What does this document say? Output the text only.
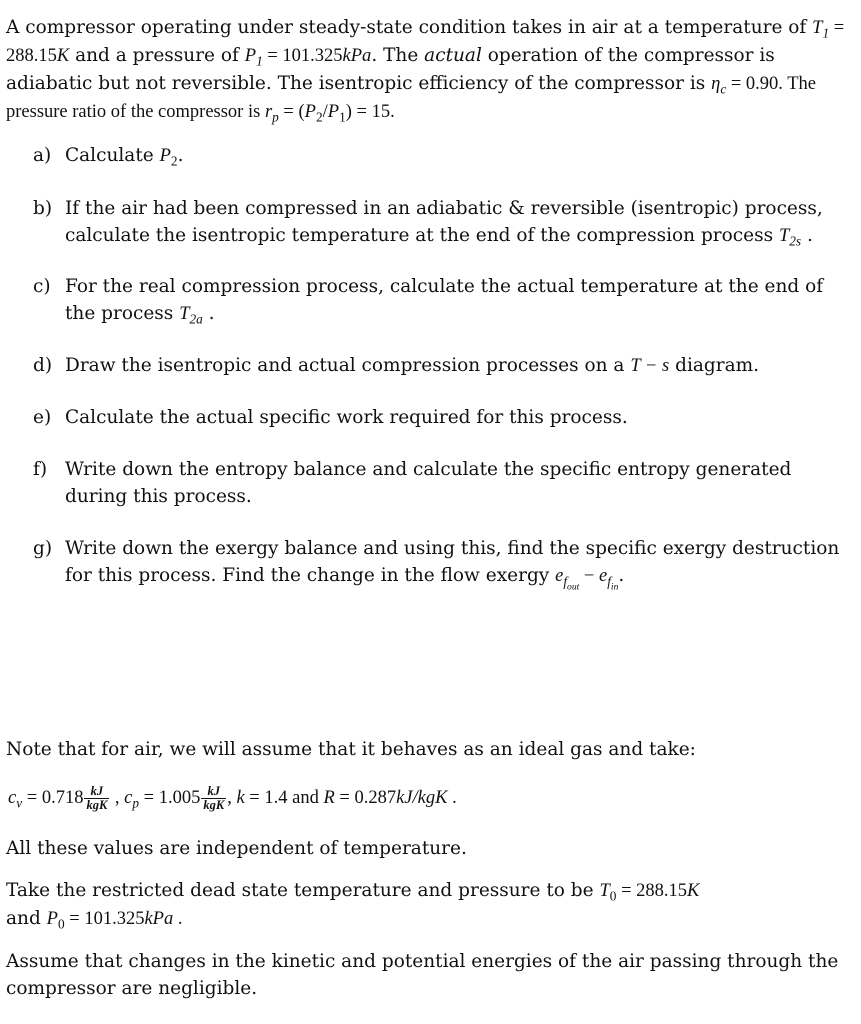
A compressor operating under steady-state condition takes in air at a temperature of $T_1 = 288.15K$ and a pressure of $P_1 = 101.325kPa$. The actual operation of the compressor is adiabatic but not reversible. The isentropic efficiency of the compressor is $\eta_c = 0.90$. The pressure ratio of the compressor is $r_p = (P_2/P_1) = 15$.

a) Calculate $P_2$.

b) If the air had been compressed in an adiabatic & reversible (isentropic) process, calculate the isentropic temperature at the end of the compression process $T_{2s}$ .

c) For the real compression process, calculate the actual temperature at the end of the process $T_{2a}$ .

d) Draw the isentropic and actual compression processes on a T − s diagram.

e) Calculate the actual specific work required for this process.

f) Write down the entropy balance and calculate the specific entropy generated during this process.

g) Write down the exergy balance and using this, find the specific exergy destruction for this process. Find the change in the flow exergy $e_{f_{out}} - e_{f_{in}}$.

Note that for air, we will assume that it behaves as an ideal gas and take:

$c_v = 0.718 \frac{kJ}{\text{kgK}}$ , $c_p = 1.005 \frac{kJ}{\text{kgK}}$ , k = 1.4 and R = 0.287kJ/kgK .

All these values are independent of temperature.

Take the restricted dead state temperature and pressure to be $T_0 = 288.15K$
and $P_0 = 101.325kPa$ .

Assume that changes in the kinetic and potential energies of the air passing through the compressor are negligible.
